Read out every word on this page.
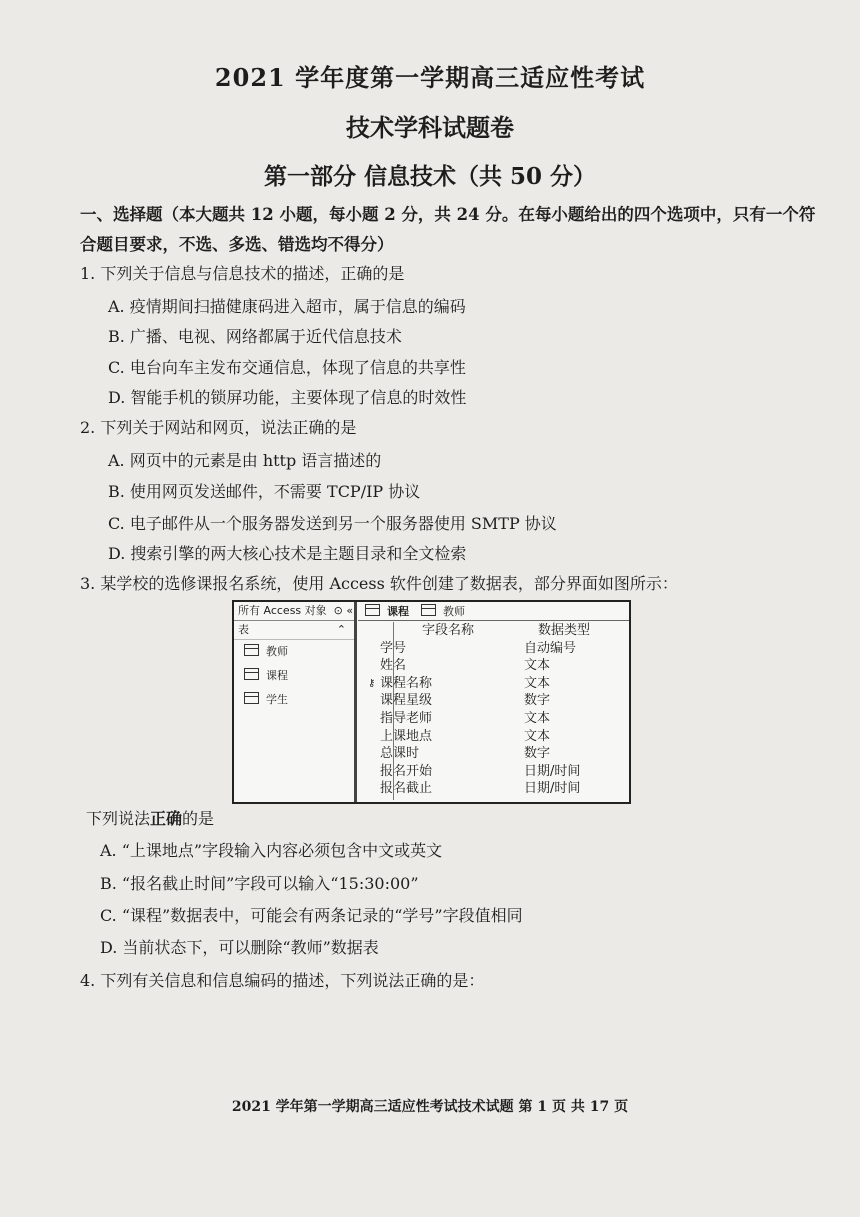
2021 学年度第一学期高三适应性考试
技术学科试题卷
第一部分 信息技术（共 50 分）
一、选择题（本大题共 12 小题，每小题 2 分，共 24 分。在每小题给出的四个选项中，只有一个符
合题目要求，不选、多选、错选均不得分）
1. 下列关于信息与信息技术的描述，正确的是
A. 疫情期间扫描健康码进入超市，属于信息的编码
B. 广播、电视、网络都属于近代信息技术
C. 电台向车主发布交通信息，体现了信息的共享性
D. 智能手机的锁屏功能，主要体现了信息的时效性
2. 下列关于网站和网页，说法正确的是
A. 网页中的元素是由 http 语言描述的
B. 使用网页发送邮件，不需要 TCP/IP 协议
C. 电子邮件从一个服务器发送到另一个服务器使用 SMTP 协议
D. 搜索引擎的两大核心技术是主题目录和全文检索
3. 某学校的选修课报名系统，使用 Access 软件创建了数据表，部分界面如图所示：
所有 Access 对象  ⊙ «
表	⌃
教师
课程
学生
课程	教师
字段名称	数据类型
学号	自动编号
姓名	文本
⚷ 课程名称	文本
课程星级	数字
指导老师	文本
上课地点	文本
总课时	数字
报名开始	日期/时间
报名截止	日期/时间
下列说法正确的是
A. “上课地点”字段输入内容必须包含中文或英文
B. “报名截止时间”字段可以输入“15:30:00”
C. “课程”数据表中，可能会有两条记录的“学号”字段值相同
D. 当前状态下，可以删除“教师”数据表
4. 下列有关信息和信息编码的描述，下列说法正确的是：
2021 学年第一学期高三适应性考试技术试题 第 1 页 共 17 页
